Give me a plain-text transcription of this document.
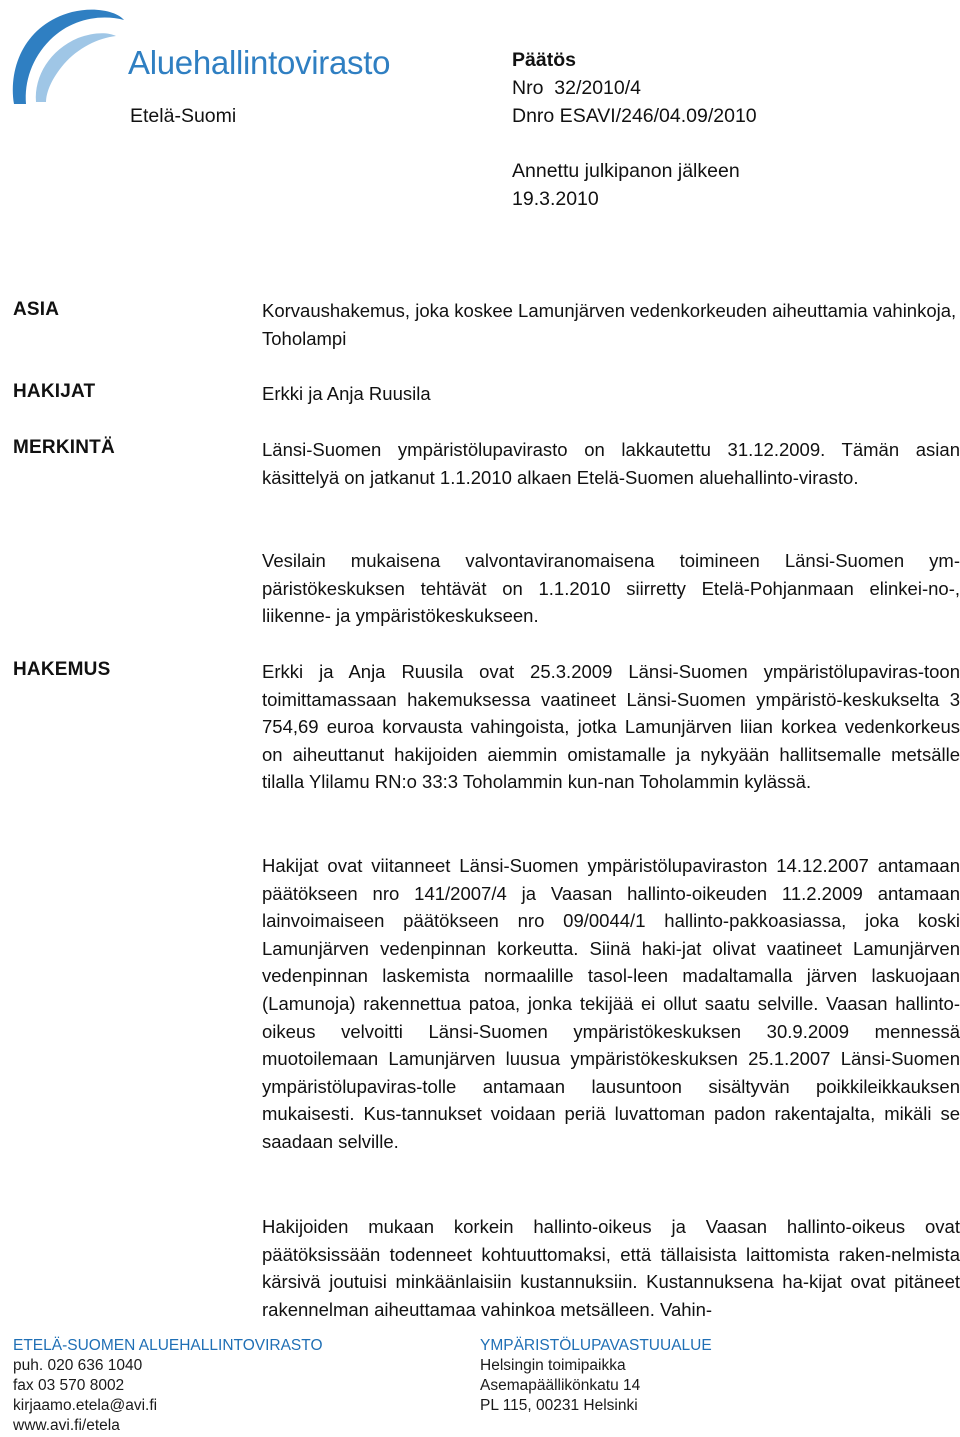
Aluehallintovirasto
Etelä-Suomi
Päätös
Nro  32/2010/4
Dnro ESAVI/246/04.09/2010
Annettu julkipanon jälkeen
19.3.2010
ASIA
HAKIJAT
MERKINTÄ
HAKEMUS
Korvaushakemus, joka koskee Lamunjärven vedenkorkeuden aiheuttamia vahinkoja, Toholampi
Erkki ja Anja Ruusila
Länsi-Suomen ympäristölupavirasto on lakkautettu 31.12.2009. Tämän asian käsittelyä on jatkanut 1.1.2010 alkaen Etelä-Suomen aluehallinto-virasto.
Vesilain mukaisena valvontaviranomaisena toimineen Länsi-Suomen ym-päristökeskuksen tehtävät on 1.1.2010 siirretty Etelä-Pohjanmaan elinkei-no-, liikenne- ja ympäristökeskukseen.
Erkki ja Anja Ruusila ovat 25.3.2009 Länsi-Suomen ympäristölupaviras-toon toimittamassaan hakemuksessa vaatineet Länsi-Suomen ympäristö-keskukselta 3 754,69 euroa korvausta vahingoista, jotka Lamunjärven liian korkea vedenkorkeus on aiheuttanut hakijoiden aiemmin omistamalle ja nykyään hallitsemalle metsälle tilalla Ylilamu RN:o 33:3 Toholammin kun-nan Toholammin kylässä.
Hakijat ovat viitanneet Länsi-Suomen ympäristölupaviraston 14.12.2007 antamaan päätökseen nro 141/2007/4 ja Vaasan hallinto-oikeuden 11.2.2009 antamaan lainvoimaiseen päätökseen nro 09/0044/1 hallinto-pakkoasiassa, joka koski Lamunjärven vedenpinnan korkeutta. Siinä haki-jat olivat vaatineet Lamunjärven vedenpinnan laskemista normaalille tasol-leen madaltamalla järven laskuojaan (Lamunoja) rakennettua patoa, jonka tekijää ei ollut saatu selville. Vaasan hallinto-oikeus velvoitti Länsi-Suomen ympäristökeskuksen 30.9.2009 mennessä muotoilemaan Lamunjärven luusua ympäristökeskuksen 25.1.2007 Länsi-Suomen ympäristölupaviras-tolle antamaan lausuntoon sisältyvän poikkileikkauksen mukaisesti. Kus-tannukset voidaan periä luvattoman padon rakentajalta, mikäli se saadaan selville.
Hakijoiden mukaan korkein hallinto-oikeus ja Vaasan hallinto-oikeus ovat päätöksissään todenneet kohtuuttomaksi, että tällaisista laittomista raken-nelmista kärsivä joutuisi minkäänlaisiin kustannuksiin. Kustannuksena ha-kijat ovat pitäneet rakennelman aiheuttamaa vahinkoa metsälleen. Vahin-
ETELÄ-SUOMEN ALUEHALLINTOVIRASTO
puh. 020 636 1040
fax 03 570 8002
kirjaamo.etela@avi.fi
www.avi.fi/etela
YMPÄRISTÖLUPAVASTUUALUE
Helsingin toimipaikka
Asemapäällikönkatu 14
PL 115, 00231 Helsinki
